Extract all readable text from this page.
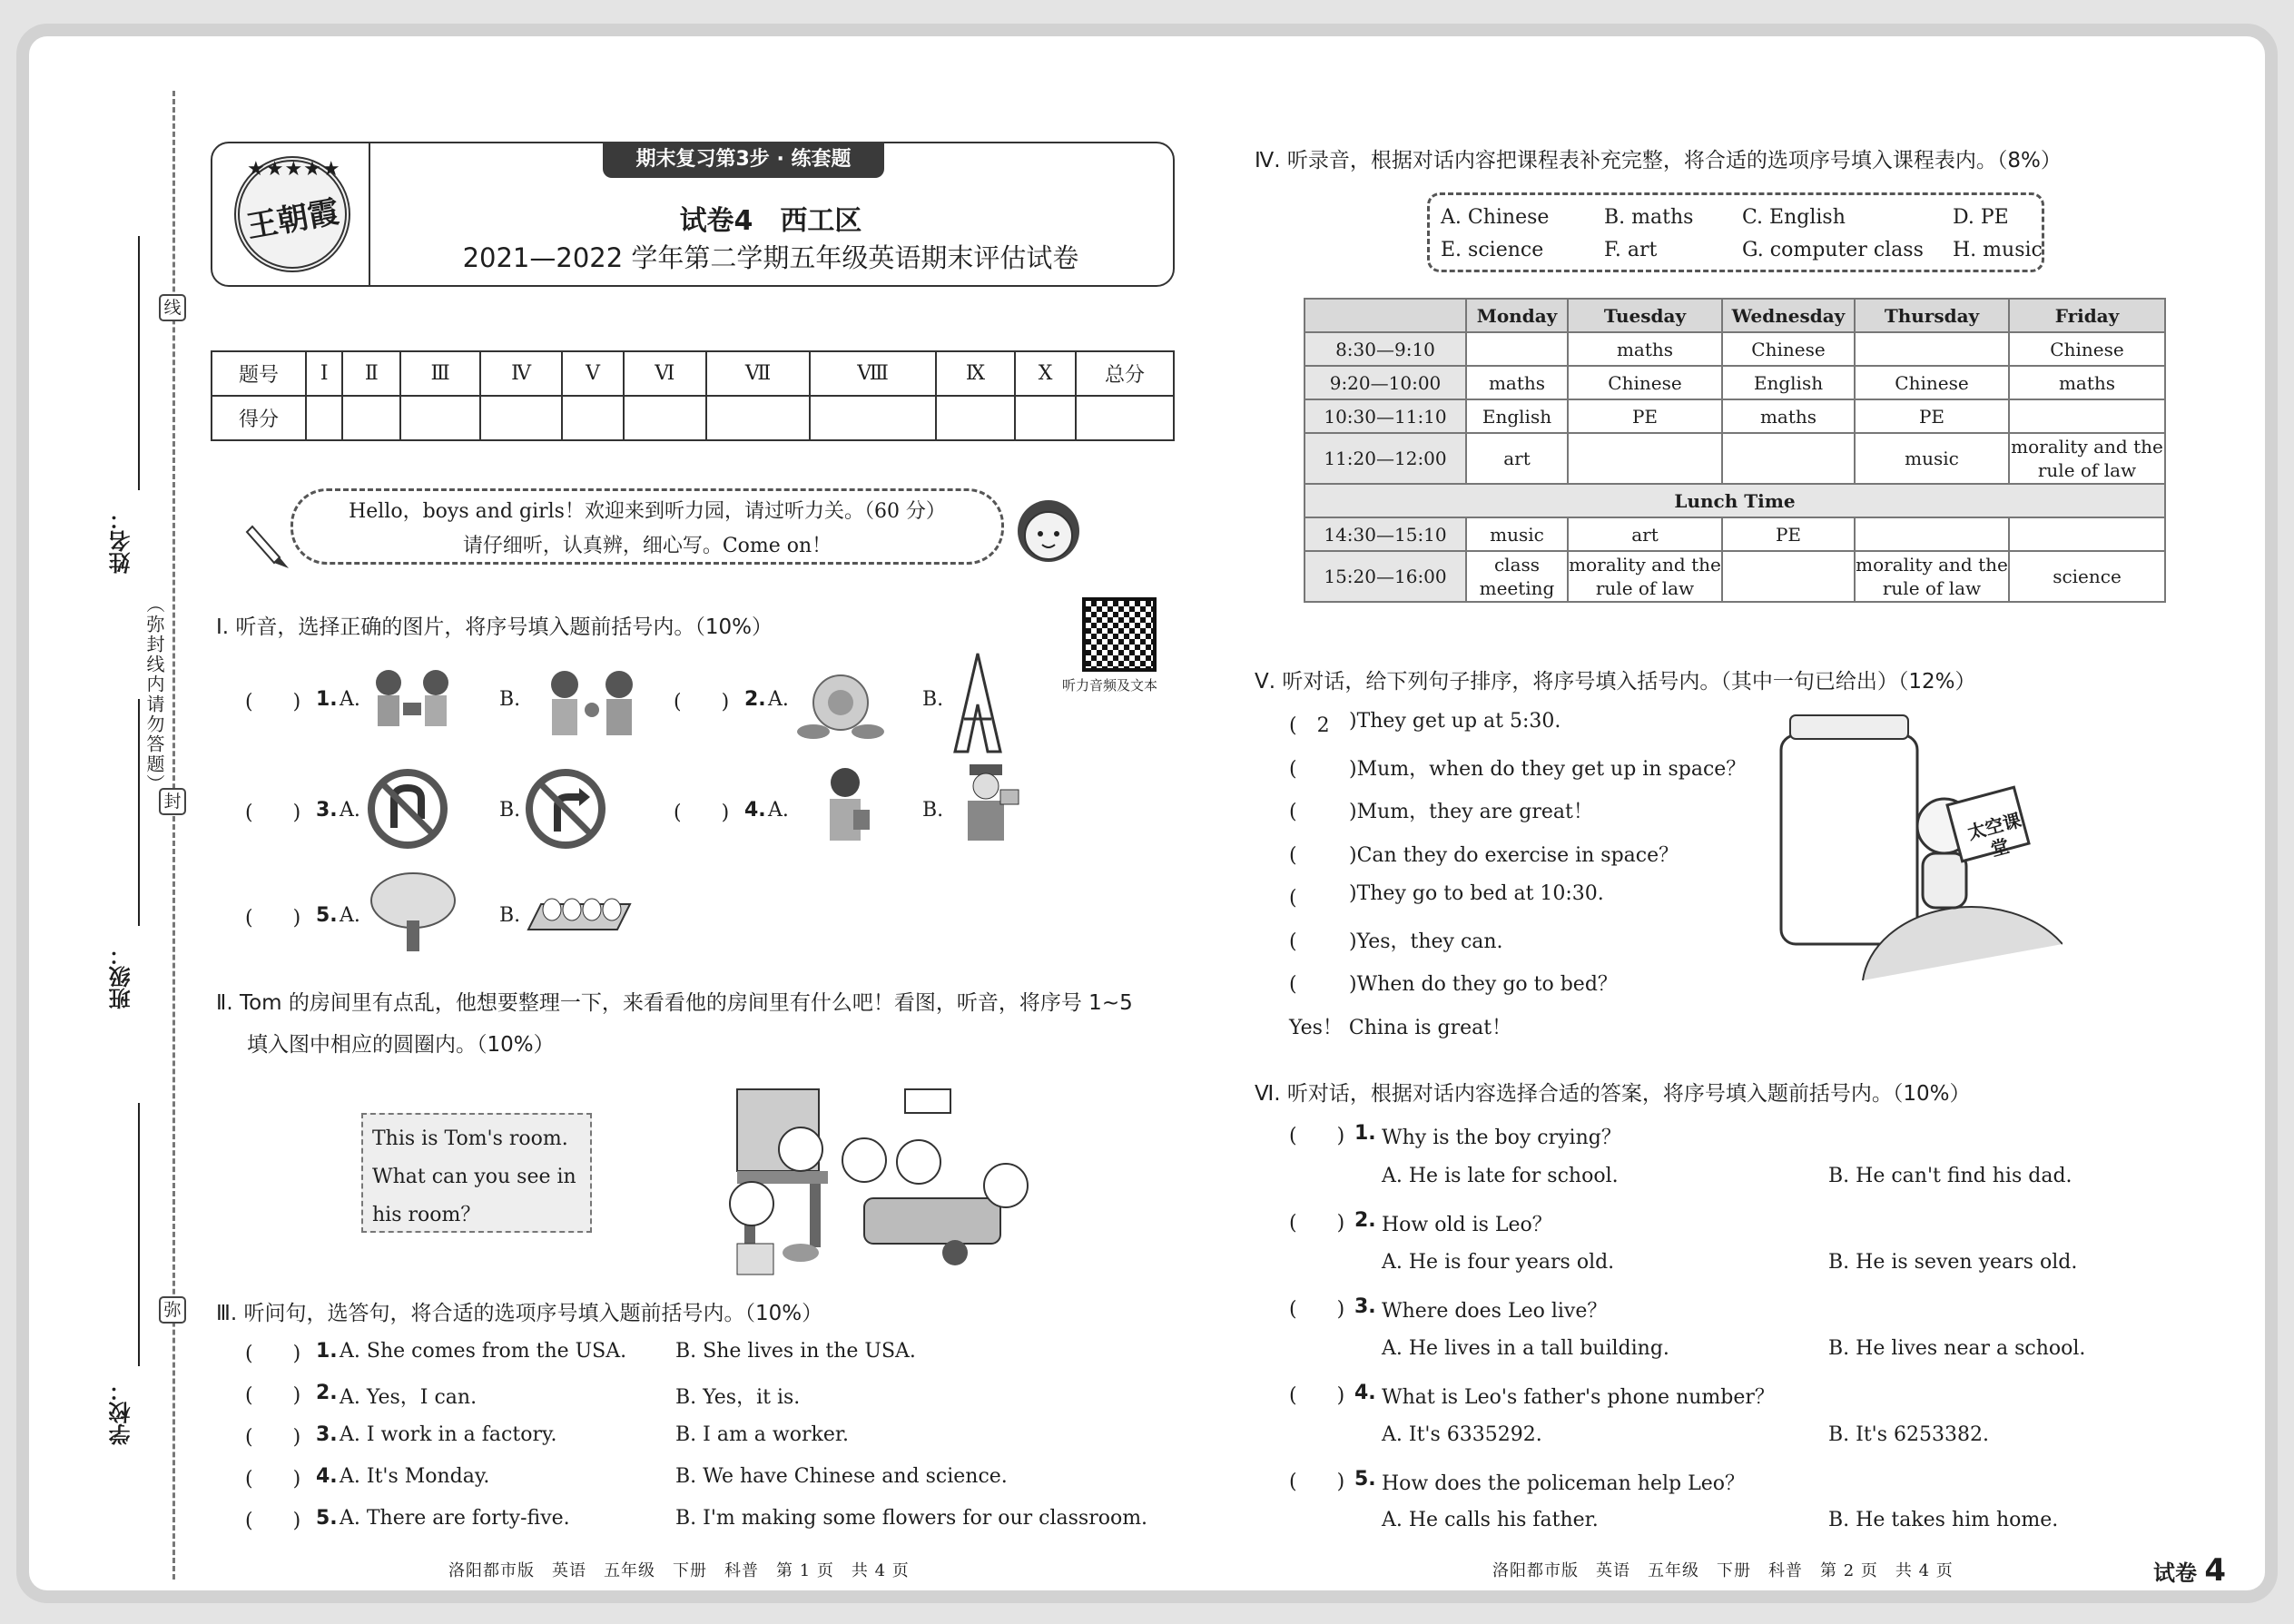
线
封
弥
（弥封线内请勿答题）
姓名：
班级：
学校：
★★★★★
王朝霞
期末复习第3步 · 练套题
试卷4　西工区
2021—2022 学年第二学期五年级英语期末评估试卷
题号	Ⅰ	Ⅱ	Ⅲ	Ⅳ	Ⅴ	Ⅵ	Ⅶ	Ⅷ	Ⅸ	Ⅹ	总分
得分											
Hello，boys and girls！欢迎来到听力园，请过听力关。（60 分）
请仔细听，认真辨，细心写。Come on！
听力音频及文本
Ⅰ. 听音，选择正确的图片，将序号填入题前括号内。（10%）
(　　) 1. A.	B.	(　　) 2. A.	B.
(　　) 3. A.	B.	(　　) 4. A.	B.
(　　) 5. A.	B.
Ⅱ. Tom 的房间里有点乱，他想要整理一下，来看看他的房间里有什么吧！看图，听音，将序号 1~5
填入图中相应的圆圈内。（10%）
This is Tom's room.
What can you see in
his room？
Ⅲ. 听问句，选答句，将合适的选项序号填入题前括号内。（10%）
(　　) 1. A. She comes from the USA. B. She lives in the USA.
(　　) 2. A. Yes，I can.	B. Yes，it is.
(　　) 3. A. I work in a factory.	B. I am a worker.
(　　) 4. A. It's Monday.	B. We have Chinese and science.
(　　) 5. A. There are forty-five.	B. I'm making some flowers for our classroom.
洛阳都市版　英语　五年级　下册　科普　第 1 页　共 4 页
Ⅳ. 听录音，根据对话内容把课程表补充完整，将合适的选项序号填入课程表内。（8%）
A. Chinese	B. maths C. English	D. PE
E. science	F. art	G. computer class H. music
	Monday	Tuesday	Wednesday	Thursday	Friday
8:30—9:10		maths	Chinese		Chinese
9:20—10:00	maths	Chinese	English	Chinese	maths
10:30—11:10	English	PE	maths	PE	
11:20—12:00	art			music	morality and the rule of law
Lunch Time					
14:30—15:10	music	art	PE		
15:20—16:00	class meeting	morality and the rule of law		morality and the rule of law	science
Ⅴ. 听对话，给下列句子排序，将序号填入括号内。（其中一句已给出）（12%）
(　2　 )They get up at 5:30.
(　　 )Mum，when do they get up in space？
(　　 )Mum，they are great！
(　　 )Can they do exercise in space？
(　　 )They go to bed at 10:30.
(　　 )Yes，they can.
(　　 )When do they go to bed？
Yes！ China is great！
太空课堂
Ⅵ. 听对话，根据对话内容选择合适的答案，将序号填入题前括号内。（10%）
(　　) 1. Why is the boy crying？
A. He is late for school.	B. He can't find his dad.
(　　) 2. How old is Leo？
A. He is four years old.	B. He is seven years old.
(　　) 3. Where does Leo live？
A. He lives in a tall building.	B. He lives near a school.
(　　) 4. What is Leo's father's phone number？
A. It's 6335292.	B. It's 6253382.
(　　) 5. How does the policeman help Leo？
A. He calls his father.	B. He takes him home.
洛阳都市版　英语　五年级　下册　科普　第 2 页　共 4 页	试卷 4
